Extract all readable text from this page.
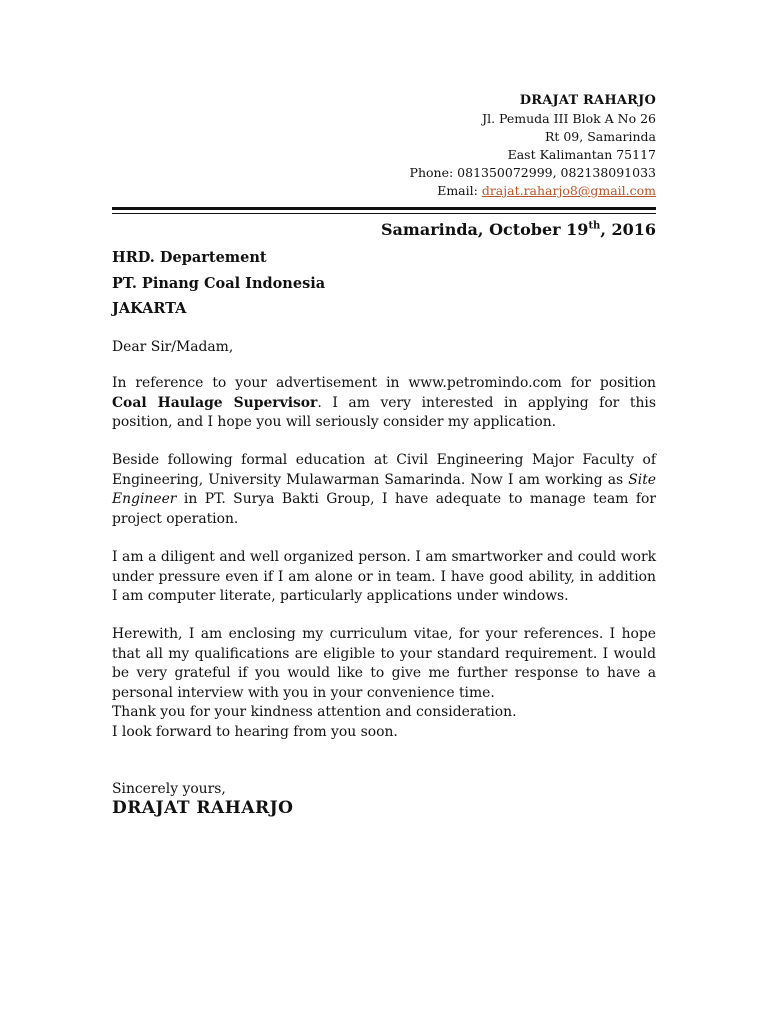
DRAJAT RAHARJO
Jl. Pemuda III Blok A No 26
Rt 09, Samarinda
East Kalimantan 75117
Phone: 081350072999, 082138091033
Email: drajat.raharjo8@gmail.com
Samarinda, October 19th, 2016
HRD. Departement
PT. Pinang Coal Indonesia
JAKARTA
Dear Sir/Madam,
In reference to your advertisement in www.petromindo.com for position Coal Haulage Supervisor. I am very interested in applying for this position, and I hope you will seriously consider my application.
Beside following formal education at Civil Engineering Major Faculty of Engineering, University Mulawarman Samarinda. Now I am working as Site Engineer in PT. Surya Bakti Group, I have adequate to manage team for project operation.
I am a diligent and well organized person. I am smartworker and could work under pressure even if I am alone or in team. I have good ability, in addition I am computer literate, particularly applications under windows.
Herewith, I am enclosing my curriculum vitae, for your references. I hope that all my qualifications are eligible to your standard requirement. I would be very grateful if you would like to give me further response to have a personal interview with you in your convenience time.
Thank you for your kindness attention and consideration.
I look forward to hearing from you soon.
Sincerely yours,
DRAJAT RAHARJO
